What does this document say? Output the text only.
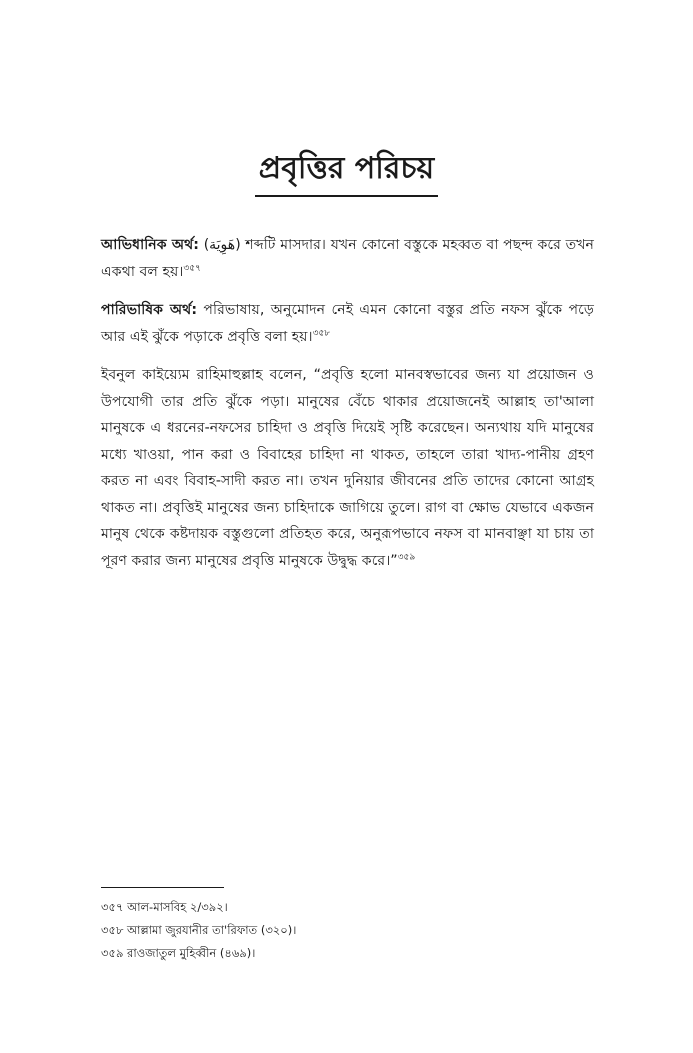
প্রবৃত্তির পরিচয়

আভিধানিক অর্থ: (هَوِيَة) শব্দটি মাসদার। যখন কোনো বস্তুকে মহব্বত বা পছন্দ করে তখন একথা বল হয়।$^{৩৫৭}$

পারিভাষিক অর্থ: পরিভাষায়, অনুমোদন নেই এমন কোনো বস্তুর প্রতি নফস ঝুঁকে পড়ে আর এই ঝুঁকে পড়াকে প্রবৃত্তি বলা হয়।$^{৩৫৮}$

ইবনুল কাইয়্যেম রাহিমাহুল্লাহ বলেন, “প্রবৃত্তি হলো মানবস্বভাবের জন্য যা প্রয়োজন ও উপযোগী তার প্রতি ঝুঁকে পড়া। মানুষের বেঁচে থাকার প্রয়োজনেই আল্লাহ তা'আলা মানুষকে এ ধরনের-নফসের চাহিদা ও প্রবৃত্তি দিয়েই সৃষ্টি করেছেন। অন্যথায় যদি মানুষের মধ্যে খাওয়া, পান করা ও বিবাহের চাহিদা না থাকত, তাহলে তারা খাদ্য-পানীয় গ্রহণ করত না এবং বিবাহ-সাদী করত না। তখন দুনিয়ার জীবনের প্রতি তাদের কোনো আগ্রহ থাকত না। প্রবৃত্তিই মানুষের জন্য চাহিদাকে জাগিয়ে তুলে। রাগ বা ক্ষোভ যেভাবে একজন মানুষ থেকে কষ্টদায়ক বস্তুগুলো প্রতিহত করে, অনুরূপভাবে নফস বা মানবাঞ্ছা যা চায় তা পূরণ করার জন্য মানুষের প্রবৃত্তি মানুষকে উদ্বুদ্ধ করে।”$^{৩৫৯}$

৩৫৭ আল-মাসবিহ ২/৩৯২।
৩৫৮ আল্লামা জুরযানীর তা'রিফাত (৩২০)।
৩৫৯ রাওজাতুল মুহিব্বীন (৪৬৯)।
